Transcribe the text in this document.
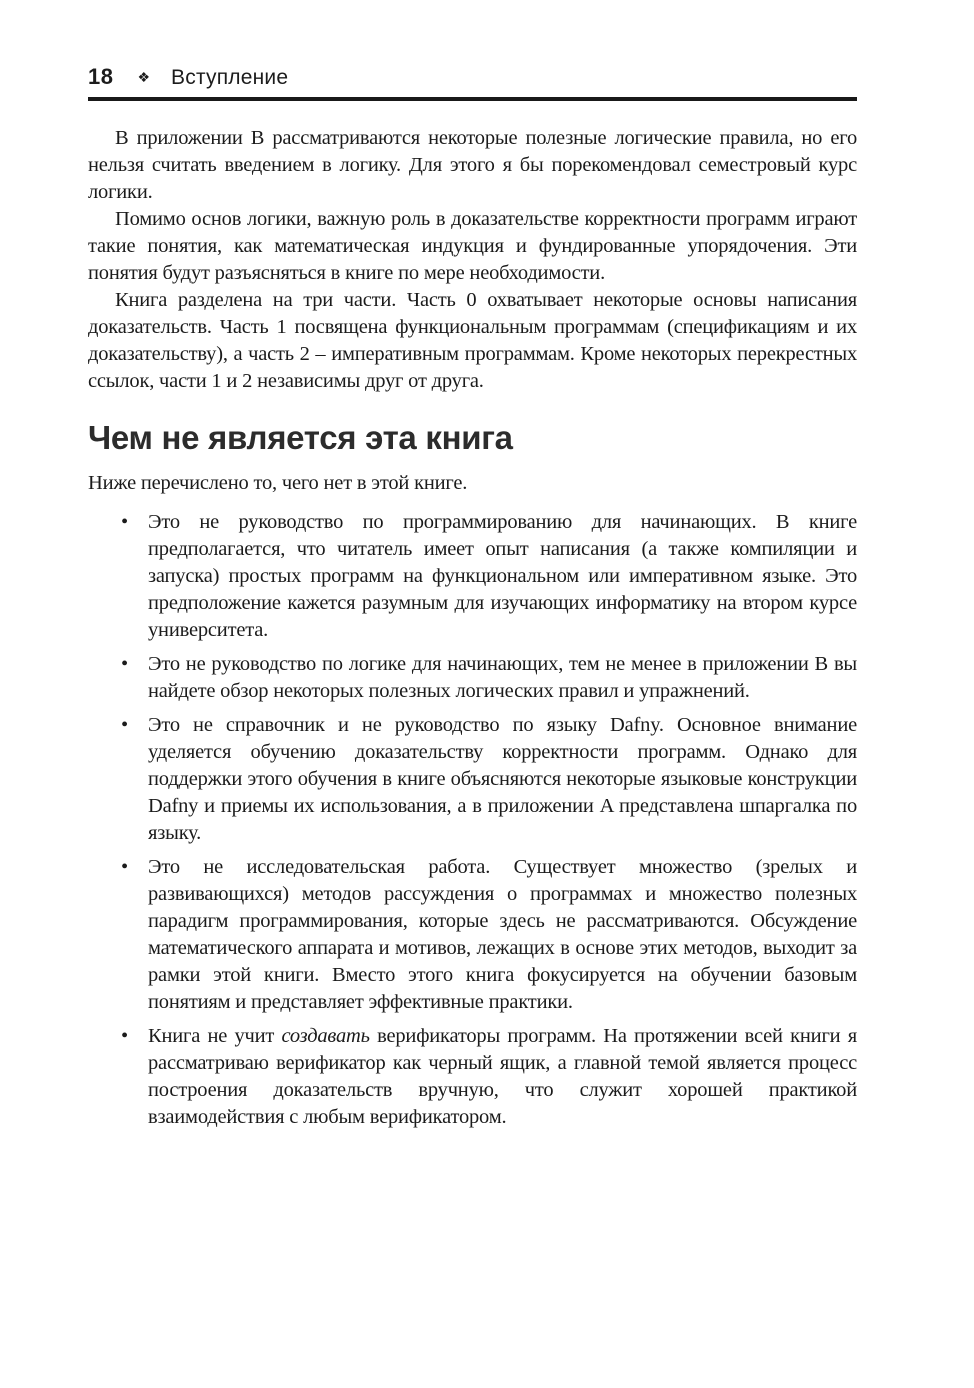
18 ❖ Вступление

В приложении B рассматриваются некоторые полезные логические правила, но его нельзя считать введением в логику. Для этого я бы порекомендовал семестровый курс логики.

Помимо основ логики, важную роль в доказательстве корректности программ играют такие понятия, как математическая индукция и фундированные упорядочения. Эти понятия будут разъясняться в книге по мере необходимости.

Книга разделена на три части. Часть 0 охватывает некоторые основы написания доказательств. Часть 1 посвящена функциональным программам (спецификациям и их доказательству), а часть 2 – императивным программам. Кроме некоторых перекрестных ссылок, части 1 и 2 независимы друг от друга.

Чем не является эта книга

Ниже перечислено то, чего нет в этой книге.

• Это не руководство по программированию для начинающих. В книге предполагается, что читатель имеет опыт написания (а также компиляции и запуска) простых программ на функциональном или императивном языке. Это предположение кажется разумным для изучающих информатику на втором курсе университета.
• Это не руководство по логике для начинающих, тем не менее в приложении B вы найдете обзор некоторых полезных логических правил и упражнений.
• Это не справочник и не руководство по языку Dafny. Основное внимание уделяется обучению доказательству корректности программ. Однако для поддержки этого обучения в книге объясняются некоторые языковые конструкции Dafny и приемы их использования, а в приложении A представлена шпаргалка по языку.
• Это не исследовательская работа. Существует множество (зрелых и развивающихся) методов рассуждения о программах и множество полезных парадигм программирования, которые здесь не рассматриваются. Обсуждение математического аппарата и мотивов, лежащих в основе этих методов, выходит за рамки этой книги. Вместо этого книга фокусируется на обучении базовым понятиям и представляет эффективные практики.
• Книга не учит создавать верификаторы программ. На протяжении всей книги я рассматриваю верификатор как черный ящик, а главной темой является процесс построения доказательств вручную, что служит хорошей практикой взаимодействия с любым верификатором.
